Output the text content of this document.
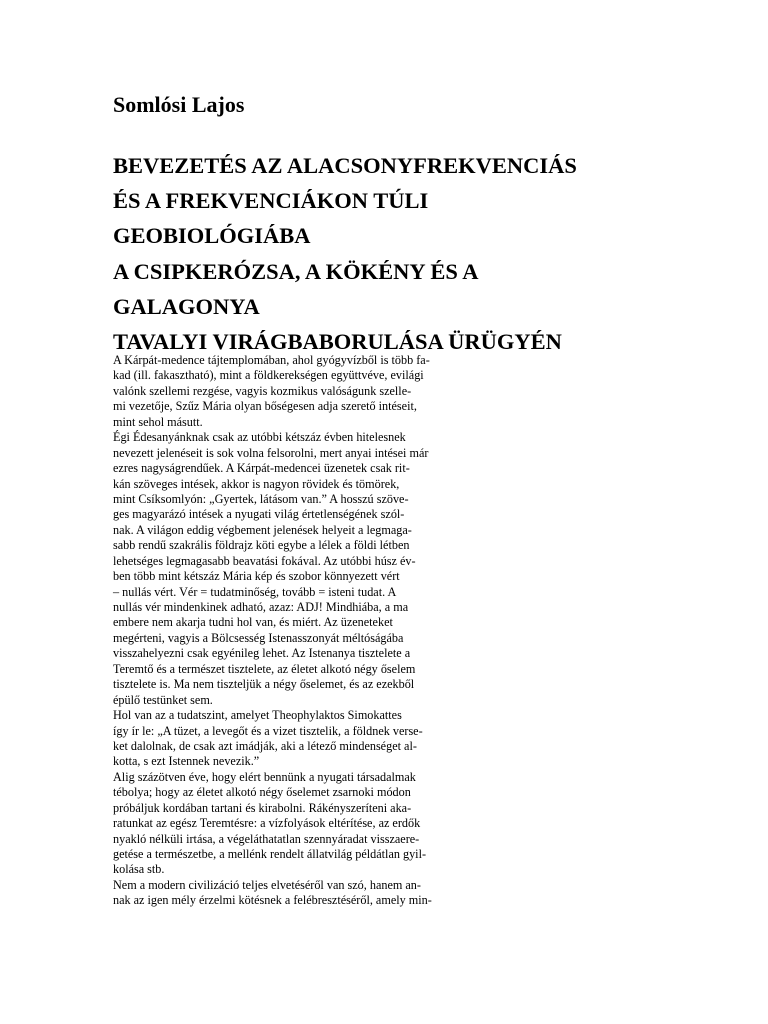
Somlósi Lajos
BEVEZETÉS AZ ALACSONYFREKVENCIÁS
ÉS A FREKVENCIÁKON TÚLI
GEOBIOLÓGIÁBA
A CSIPKERÓZSA, A KÖKÉNY ÉS A
GALAGONYA
TAVALYI VIRÁGBABORULÁSA ÜRÜGYÉN
A Kárpát-medence tájtemplomában, ahol gyógyvízből is több fa-
kad (ill. fakasztható), mint a földkerekségen együttvéve, evilági
valónk szellemi rezgése, vagyis kozmikus valóságunk szelle-
mi vezetője, Szűz Mária olyan bőségesen adja szerető intéseit,
mint sehol másutt.
Égi Édesanyánknak csak az utóbbi kétszáz évben hitelesnek
nevezett jelenéseit is sok volna felsorolni, mert anyai intései már
ezres nagyságrendűek. A Kárpát-medencei üzenetek csak rit-
kán szöveges intések, akkor is nagyon rövidek és tömörek,
mint Csíksomlyón: „Gyertek, látásom van.” A hosszú szöve-
ges magyarázó intések a nyugati világ értetlenségének szól-
nak. A világon eddig végbement jelenések helyeit a legmaga-
sabb rendű szakrális földrajz köti egybe a lélek a földi létben
lehetséges legmagasabb beavatási fokával. Az utóbbi húsz év-
ben több mint kétszáz Mária kép és szobor könnyezett vért
– nullás vért. Vér = tudatminőség, tovább = isteni tudat. A
nullás vér mindenkinek adható, azaz: ADJ! Mindhiába, a ma
embere nem akarja tudni hol van, és miért. Az üzeneteket
megérteni, vagyis a Bölcsesség Istenasszonyát méltóságába
visszahelyezni csak egyénileg lehet. Az Istenanya tisztelete a
Teremtő és a természet tisztelete, az életet alkotó négy őselem
tisztelete is. Ma nem tiszteljük a négy őselemet, és az ezekből
épülő testünket sem.
Hol van az a tudatszint, amelyet Theophylaktos Simokattes
így ír le: „A tüzet, a levegőt és a vizet tisztelik, a földnek verse-
ket dalolnak, de csak azt imádják, aki a létező mindenséget al-
kotta, s ezt Istennek nevezik.”
Alig százötven éve, hogy elért bennünk a nyugati társadalmak
tébolya; hogy az életet alkotó négy őselemet zsarnoki módon
próbáljuk kordában tartani és kirabolni. Rákényszeríteni aka-
ratunkat az egész Teremtésre: a vízfolyások eltérítése, az erdők
nyakló nélküli irtása, a végeláthatatlan szennyáradat visszaere-
getése a természetbe, a mellénk rendelt állatvilág példátlan gyil-
kolása stb.
Nem a modern civilizáció teljes elvetéséről van szó, hanem an-
nak az igen mély érzelmi kötésnek a felébresztéséről, amely min-
